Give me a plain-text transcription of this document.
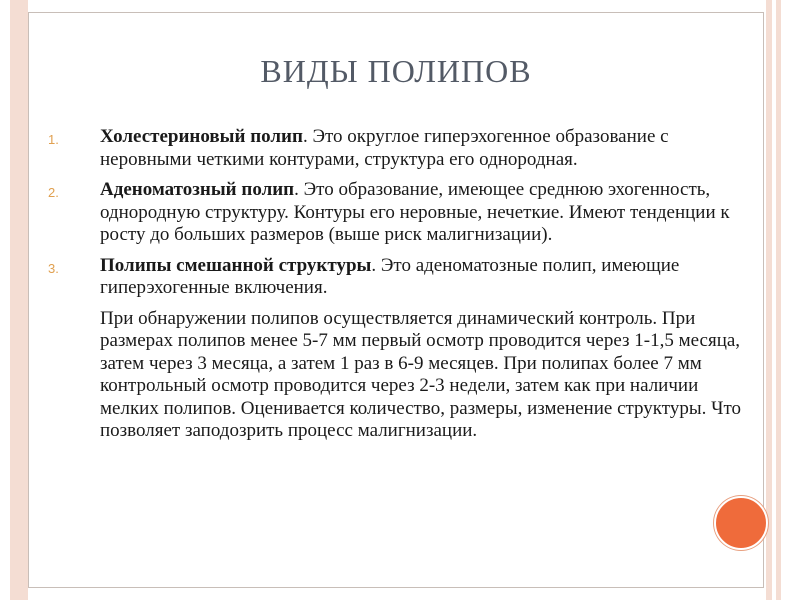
ВИДЫ ПОЛИПОВ
1. Холестериновый полип. Это округлое гиперэхогенное образование с неровными четкими контурами, структура его однородная.
2. Аденоматозный полип. Это образование, имеющее среднюю эхогенность, однородную структуру. Контуры его неровные, нечеткие. Имеют тенденции к росту до больших размеров (выше риск малигнизации).
3. Полипы смешанной структуры. Это аденоматозные полип, имеющие гиперэхогенные включения.
При обнаружении полипов осуществляется динамический контроль. При размерах полипов менее 5-7 мм первый осмотр проводится через 1-1,5 месяца, затем через 3 месяца, а затем 1 раз в 6-9 месяцев. При полипах более 7 мм контрольный осмотр проводится через 2-3 недели, затем как при наличии мелких полипов. Оценивается количество, размеры, изменение структуры. Что позволяет заподозрить процесс малигнизации.
